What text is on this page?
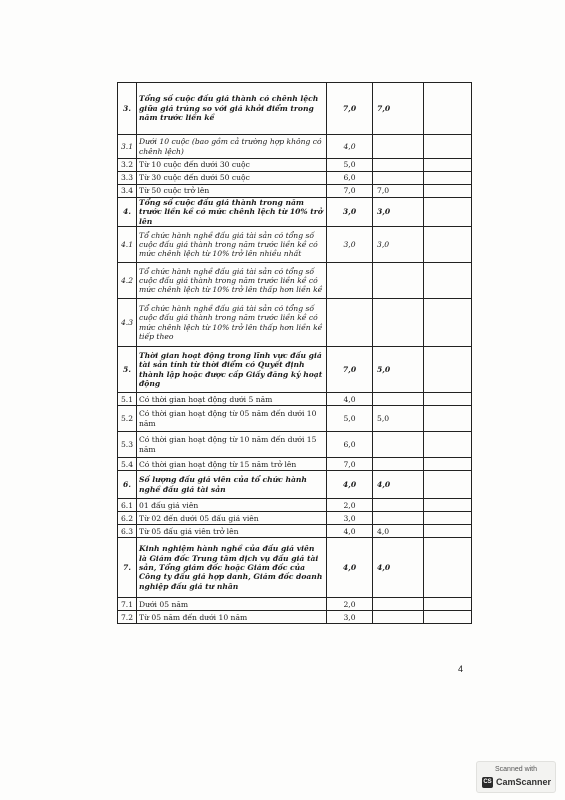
3.	Tổng số cuộc đấu giá thành có chênh lệch giữa giá trúng so với giá khởi điểm trong năm trước liền kề	7,0	7,0	
3.1	Dưới 10 cuộc (bao gồm cả trường hợp không có chênh lệch)	4,0		
3.2	Từ 10 cuộc đến dưới 30 cuộc	5,0		
3.3	Từ 30 cuộc đến dưới 50 cuộc	6,0		
3.4	Từ 50 cuộc trở lên	7,0	7,0	
4.	Tổng số cuộc đấu giá thành trong năm trước liền kề có mức chênh lệch từ 10% trở lên	3,0	3,0	
4.1	Tổ chức hành nghề đấu giá tài sản có tổng số cuộc đấu giá thành trong năm trước liền kề có mức chênh lệch từ 10% trở lên nhiều nhất	3,0	3,0	
4.2	Tổ chức hành nghề đấu giá tài sản có tổng số cuộc đấu giá thành trong năm trước liền kề có mức chênh lệch từ 10% trở lên thấp hơn liền kề			
4.3	Tổ chức hành nghề đấu giá tài sản có tổng số cuộc đấu giá thành trong năm trước liền kề có mức chênh lệch từ 10% trở lên thấp hơn liền kề tiếp theo			
5.	Thời gian hoạt động trong lĩnh vực đấu giá tài sản tính từ thời điểm có Quyết định thành lập hoặc được cấp Giấy đăng ký hoạt động	7,0	5,0	
5.1	Có thời gian hoạt động dưới 5 năm	4,0		
5.2	Có thời gian hoạt động từ 05 năm đến dưới 10 năm	5,0	5,0	
5.3	Có thời gian hoạt động từ 10 năm đến dưới 15 năm	6,0		
5.4	Có thời gian hoạt động từ 15 năm trở lên	7,0		
6.	Số lượng đấu giá viên của tổ chức hành nghề đấu giá tài sản	4,0	4,0	
6.1	01 đấu giá viên	2,0		
6.2	Từ 02 đến dưới 05 đấu giá viên	3,0		
6.3	Từ 05 đấu giá viên trở lên	4,0	4,0	
7.	Kinh nghiệm hành nghề của đấu giá viên là Giám đốc Trung tâm dịch vụ đấu giá tài sản, Tổng giám đốc hoặc Giám đốc của Công ty đấu giá hợp danh, Giám đốc doanh nghiệp đấu giá tư nhân	4,0	4,0	
7.1	Dưới 05 năm	2,0		
7.2	Từ 05 năm đến dưới 10 năm	3,0		
4
Scanned with
CS CamScanner
